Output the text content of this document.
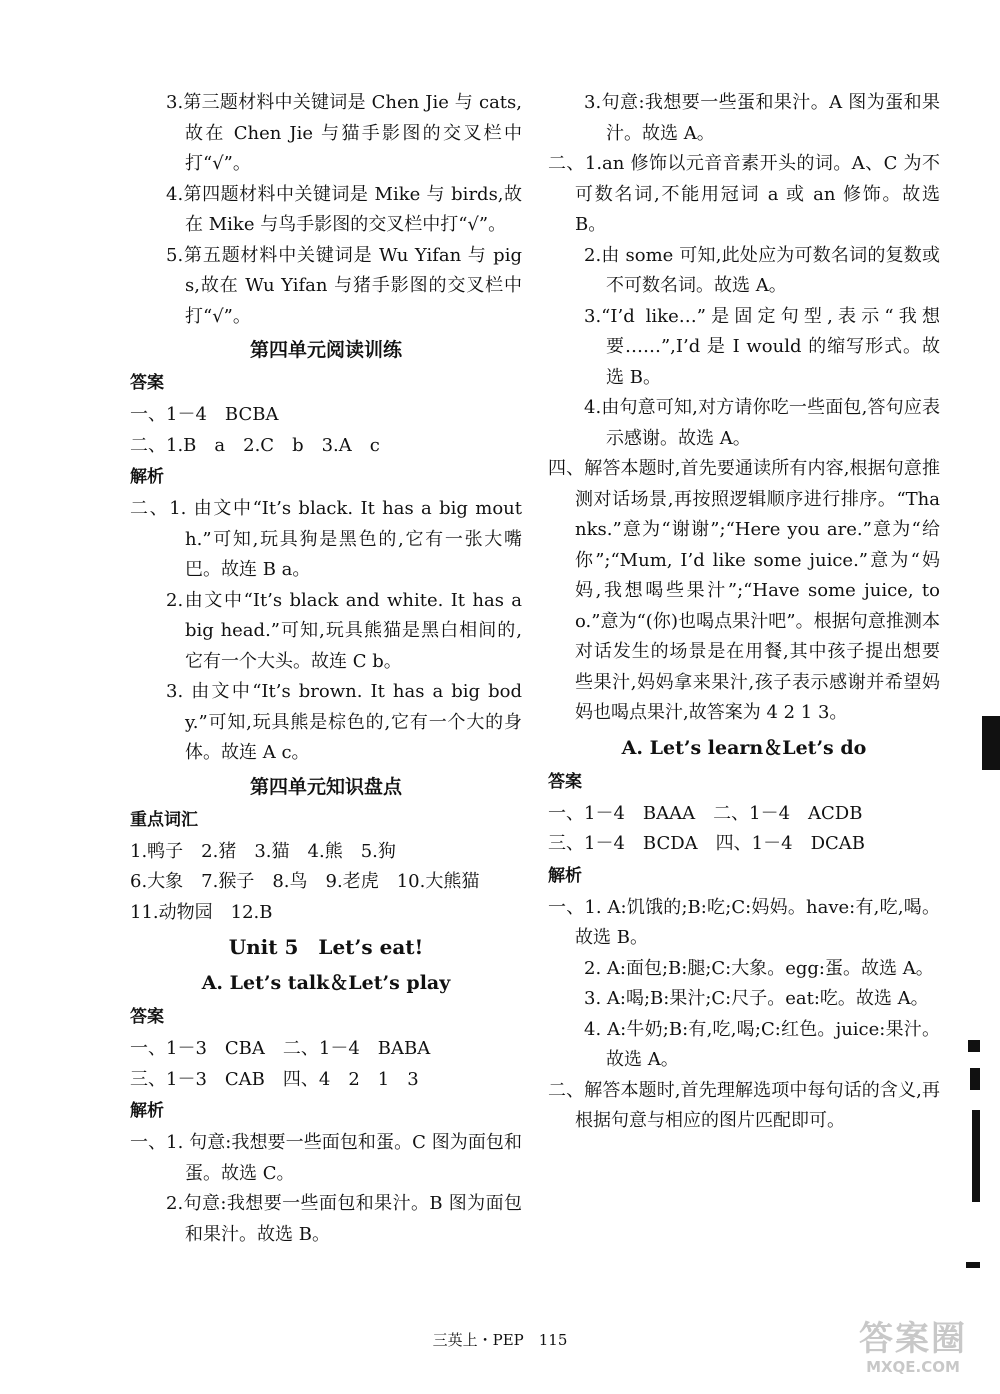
3.第三题材料中关键词是 Chen Jie 与 cats,故在 Chen Jie 与猫手影图的交叉栏中打“√”。

4.第四题材料中关键词是 Mike 与 birds,故在 Mike 与鸟手影图的交叉栏中打“√”。

5.第五题材料中关键词是 Wu Yifan 与 pigs,故在 Wu Yifan 与猪手影图的交叉栏中打“√”。

第四单元阅读训练
答案

一、1－4　BCBA

二、1.B　a　2.C　b　3.A　c

解析

二、1. 由文中“It’s black. It has a big mouth.”可知,玩具狗是黑色的,它有一张大嘴巴。故连 B a。

2.由文中“It’s black and white. It has a big head.”可知,玩具熊猫是黑白相间的,它有一个大头。故连 C b。

3. 由文中“It’s brown. It has a big body.”可知,玩具熊是棕色的,它有一个大的身体。故连 A c。

第四单元知识盘点
重点词汇

1.鸭子　2.猪　3.猫　4.熊　5.狗

6.大象　7.猴子　8.鸟　9.老虎　10.大熊猫

11.动物园　12.B

Unit 5　Let’s eat!
A. Let’s talk＆Let’s play
答案

一、1－3　CBA　二、1－4　BABA

三、1－3　CAB　四、4　2　1　3

解析

一、1. 句意:我想要一些面包和蛋。C 图为面包和蛋。故选 C。

2.句意:我想要一些面包和果汁。B 图为面包和果汁。故选 B。

3.句意:我想要一些蛋和果汁。A 图为蛋和果汁。故选 A。

二、1.an 修饰以元音音素开头的词。A、C 为不可数名词,不能用冠词 a 或 an 修饰。故选 B。

2.由 some 可知,此处应为可数名词的复数或不可数名词。故选 A。

3.“I’d like…”是固定句型,表示“我想要……”,I’d 是 I would 的缩写形式。故选 B。

4.由句意可知,对方请你吃一些面包,答句应表示感谢。故选 A。

四、解答本题时,首先要通读所有内容,根据句意推测对话场景,再按照逻辑顺序进行排序。“Thanks.”意为“谢谢”;“Here you are.”意为“给你”;“Mum, I’d like some juice.”意为“妈妈,我想喝些果汁”;“Have some juice, too.”意为“(你)也喝点果汁吧”。根据句意推测本对话发生的场景是在用餐,其中孩子提出想要些果汁,妈妈拿来果汁,孩子表示感谢并希望妈妈也喝点果汁,故答案为 4 2 1 3。

A. Let’s learn＆Let’s do
答案

一、1－4　BAAA　二、1－4　ACDB

三、1－4　BCDA　四、1－4　DCAB

解析

一、1. A:饥饿的;B:吃;C:妈妈。have:有,吃,喝。故选 B。

2. A:面包;B:腿;C:大象。egg:蛋。故选 A。

3. A:喝;B:果汁;C:尺子。eat:吃。故选 A。

4. A:牛奶;B:有,吃,喝;C:红色。juice:果汁。故选 A。

二、解答本题时,首先理解选项中每句话的含义,再根据句意与相应的图片匹配即可。

三英上・PEP　115	答案圈
MXQE.COM
